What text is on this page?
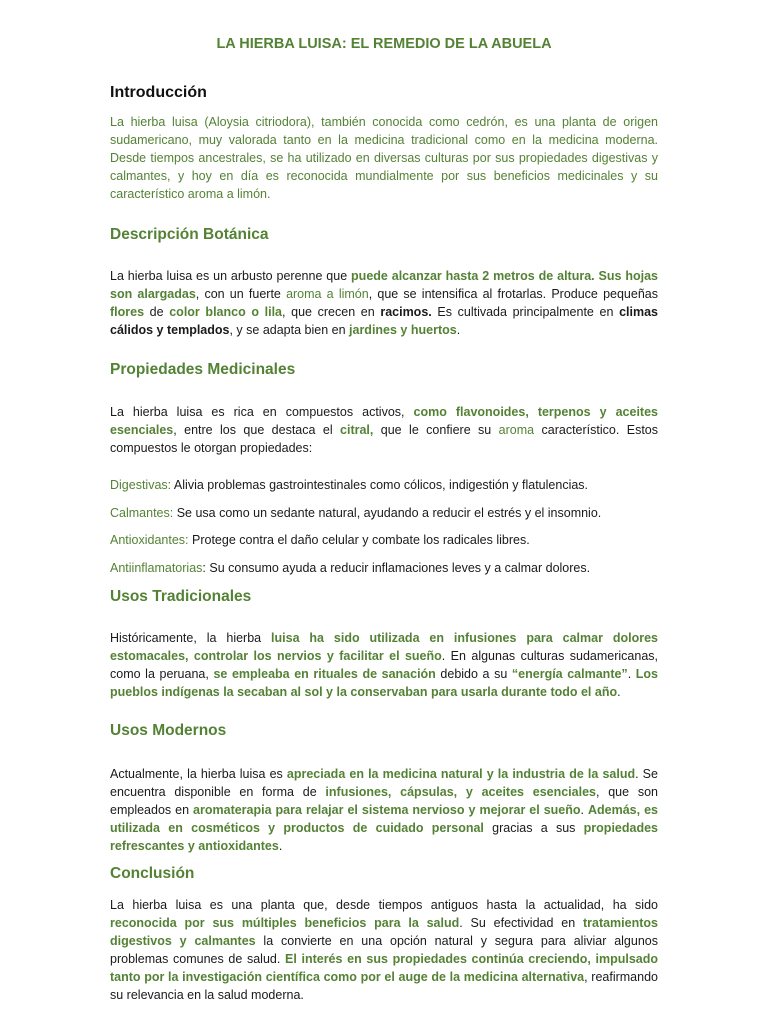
LA HIERBA LUISA: EL REMEDIO DE LA ABUELA
Introducción
La hierba luisa (Aloysia citriodora), también conocida como cedrón, es una planta de origen sudamericano, muy valorada tanto en la medicina tradicional como en la medicina moderna. Desde tiempos ancestrales, se ha utilizado en diversas culturas por sus propiedades digestivas y calmantes, y hoy en día es reconocida mundialmente por sus beneficios medicinales y su característico aroma a limón.
Descripción Botánica
La hierba luisa es un arbusto perenne que puede alcanzar hasta 2 metros de altura. Sus hojas son alargadas, con un fuerte aroma a limón, que se intensifica al frotarlas. Produce pequeñas flores de color blanco o lila, que crecen en racimos. Es cultivada principalmente en climas cálidos y templados, y se adapta bien en jardines y huertos.
Propiedades Medicinales
La hierba luisa es rica en compuestos activos, como flavonoides, terpenos y aceites esenciales, entre los que destaca el citral, que le confiere su aroma característico. Estos compuestos le otorgan propiedades:
Digestivas: Alivia problemas gastrointestinales como cólicos, indigestión y flatulencias.
Calmantes: Se usa como un sedante natural, ayudando a reducir el estrés y el insomnio.
Antioxidantes: Protege contra el daño celular y combate los radicales libres.
Antiinflamatorias: Su consumo ayuda a reducir inflamaciones leves y a calmar dolores.
Usos Tradicionales
Históricamente, la hierba luisa ha sido utilizada en infusiones para calmar dolores estomacales, controlar los nervios y facilitar el sueño. En algunas culturas sudamericanas, como la peruana, se empleaba en rituales de sanación debido a su “energía calmante”. Los pueblos indígenas la secaban al sol y la conservaban para usarla durante todo el año.
Usos Modernos
Actualmente, la hierba luisa es apreciada en la medicina natural y la industria de la salud. Se encuentra disponible en forma de infusiones, cápsulas, y aceites esenciales, que son empleados en aromaterapia para relajar el sistema nervioso y mejorar el sueño. Además, es utilizada en cosméticos y productos de cuidado personal gracias a sus propiedades refrescantes y antioxidantes.
Conclusión
La hierba luisa es una planta que, desde tiempos antiguos hasta la actualidad, ha sido reconocida por sus múltiples beneficios para la salud. Su efectividad en tratamientos digestivos y calmantes la convierte en una opción natural y segura para aliviar algunos problemas comunes de salud. El interés en sus propiedades continúa creciendo, impulsado tanto por la investigación científica como por el auge de la medicina alternativa, reafirmando su relevancia en la salud moderna.
